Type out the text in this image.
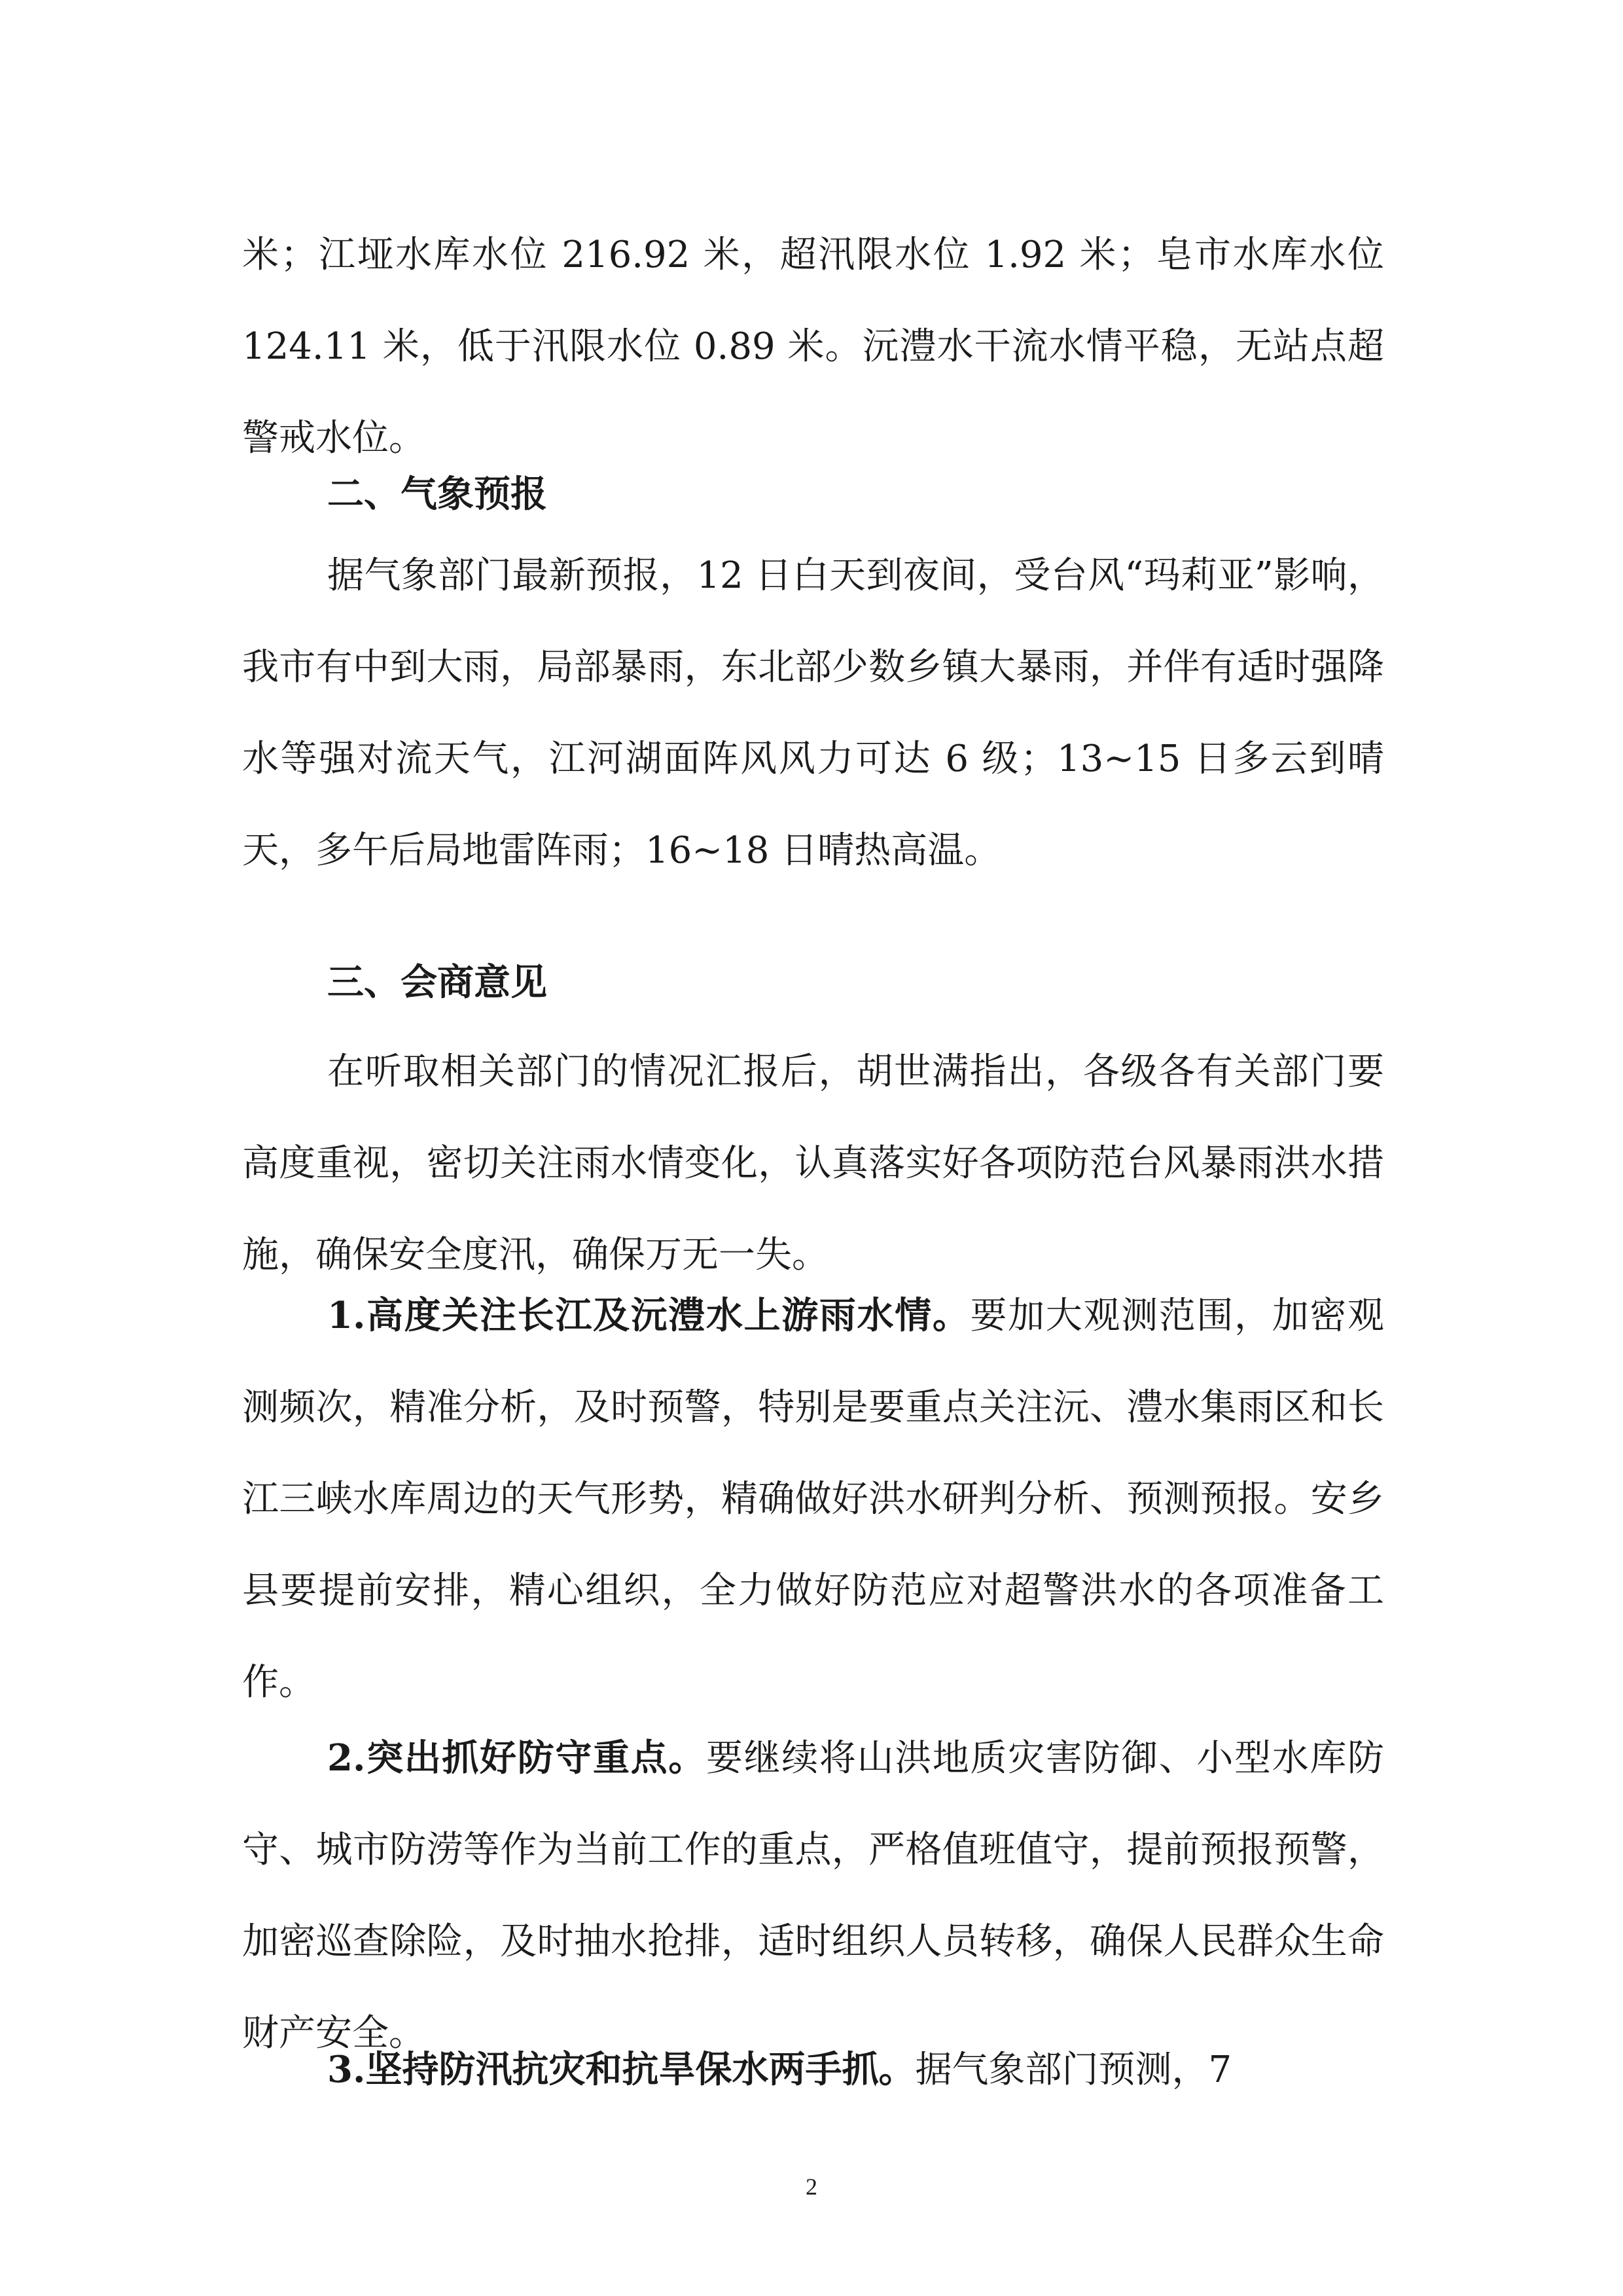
米；江垭水库水位 216.92 米，超汛限水位 1.92 米；皂市水库水位 124.11 米，低于汛限水位 0.89 米。沅澧水干流水情平稳，无站点超警戒水位。

二、气象预报

据气象部门最新预报，12 日白天到夜间，受台风“玛莉亚”影响，我市有中到大雨，局部暴雨，东北部少数乡镇大暴雨，并伴有适时强降水等强对流天气，江河湖面阵风风力可达 6 级；13~15 日多云到晴天，多午后局地雷阵雨；16~18 日晴热高温。

三、会商意见

在听取相关部门的情况汇报后，胡世满指出，各级各有关部门要高度重视，密切关注雨水情变化，认真落实好各项防范台风暴雨洪水措施，确保安全度汛，确保万无一失。

1.高度关注长江及沅澧水上游雨水情。要加大观测范围，加密观测频次，精准分析，及时预警，特别是要重点关注沅、澧水集雨区和长江三峡水库周边的天气形势，精确做好洪水研判分析、预测预报。安乡县要提前安排，精心组织，全力做好防范应对超警洪水的各项准备工作。

2.突出抓好防守重点。要继续将山洪地质灾害防御、小型水库防守、城市防涝等作为当前工作的重点，严格值班值守，提前预报预警，加密巡查除险，及时抽水抢排，适时组织人员转移，确保人民群众生命财产安全。

3.坚持防汛抗灾和抗旱保水两手抓。据气象部门预测，7

2
